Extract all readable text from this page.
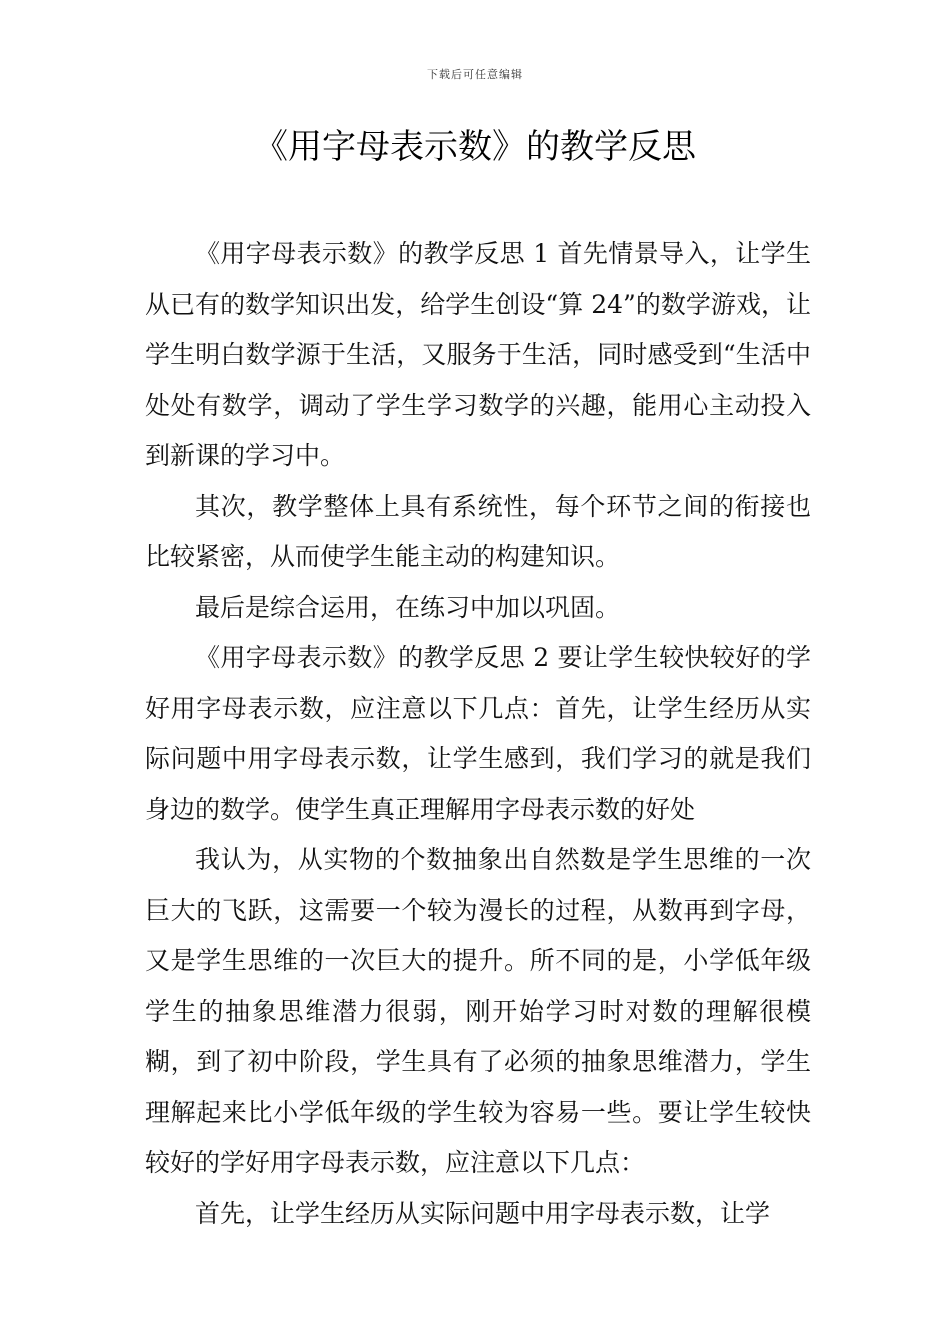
下载后可任意编辑
《用字母表示数》的教学反思

《用字母表示数》的教学反思 1 首先情景导入，让学生从已有的数学知识出发，给学生创设“算 24”的数学游戏，让学生明白数学源于生活，又服务于生活，同时感受到“生活中处处有数学，调动了学生学习数学的兴趣，能用心主动投入到新课的学习中。

其次，教学整体上具有系统性，每个环节之间的衔接也比较紧密，从而使学生能主动的构建知识。

最后是综合运用，在练习中加以巩固。

《用字母表示数》的教学反思 2 要让学生较快较好的学好用字母表示数，应注意以下几点：首先，让学生经历从实际问题中用字母表示数，让学生感到，我们学习的就是我们身边的数学。使学生真正理解用字母表示数的好处

我认为，从实物的个数抽象出自然数是学生思维的一次巨大的飞跃，这需要一个较为漫长的过程，从数再到字母，又是学生思维的一次巨大的提升。所不同的是，小学低年级学生的抽象思维潜力很弱，刚开始学习时对数的理解很模糊，到了初中阶段，学生具有了必须的抽象思维潜力，学生理解起来比小学低年级的学生较为容易一些。要让学生较快较好的学好用字母表示数，应注意以下几点：

首先，让学生经历从实际问题中用字母表示数，让学
